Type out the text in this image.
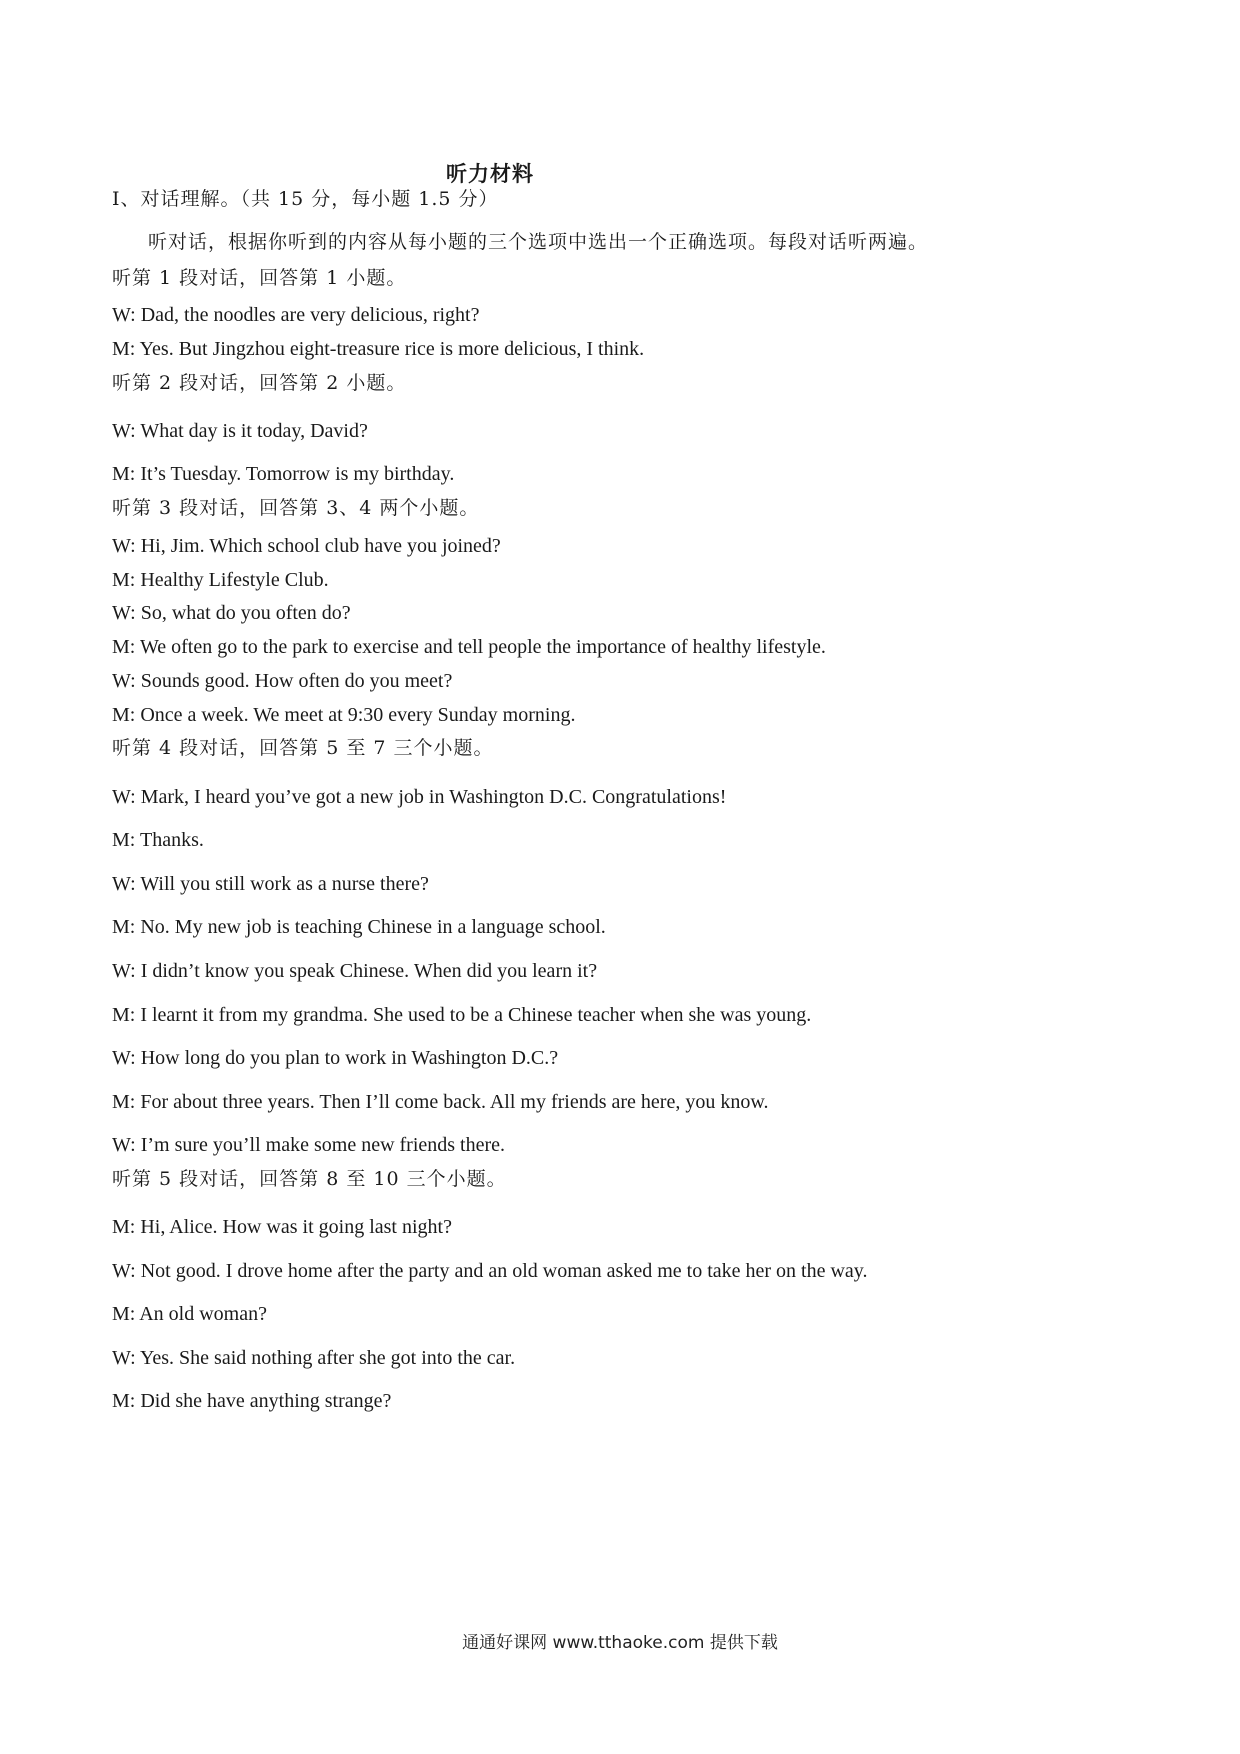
听力材料
Ⅰ、对话理解。（共 15 分，每小题 1.5 分）
听对话，根据你听到的内容从每小题的三个选项中选出一个正确选项。每段对话听两遍。
听第 1 段对话，回答第 1 小题。
W: Dad, the noodles are very delicious, right?
M: Yes. But Jingzhou eight-treasure rice is more delicious, I think.
听第 2 段对话，回答第 2 小题。
W: What day is it today, David?
M: It’s Tuesday. Tomorrow is my birthday.
听第 3 段对话，回答第 3、4 两个小题。
W: Hi, Jim. Which school club have you joined?
M: Healthy Lifestyle Club.
W: So, what do you often do?
M: We often go to the park to exercise and tell people the importance of healthy lifestyle.
W: Sounds good. How often do you meet?
M: Once a week. We meet at 9:30 every Sunday morning.
听第 4 段对话，回答第 5 至 7 三个小题。
W: Mark, I heard you’ve got a new job in Washington D.C. Congratulations!
M: Thanks.
W: Will you still work as a nurse there?
M: No. My new job is teaching Chinese in a language school.
W: I didn’t know you speak Chinese. When did you learn it?
M: I learnt it from my grandma. She used to be a Chinese teacher when she was young.
W: How long do you plan to work in Washington D.C.?
M: For about three years. Then I’ll come back. All my friends are here, you know.
W: I’m sure you’ll make some new friends there.
听第 5 段对话，回答第 8 至 10 三个小题。
M: Hi, Alice. How was it going last night?
W: Not good. I drove home after the party and an old woman asked me to take her on the way.
M: An old woman?
W: Yes. She said nothing after she got into the car.
M: Did she have anything strange?
通通好课网 www.tthaoke.com 提供下载
